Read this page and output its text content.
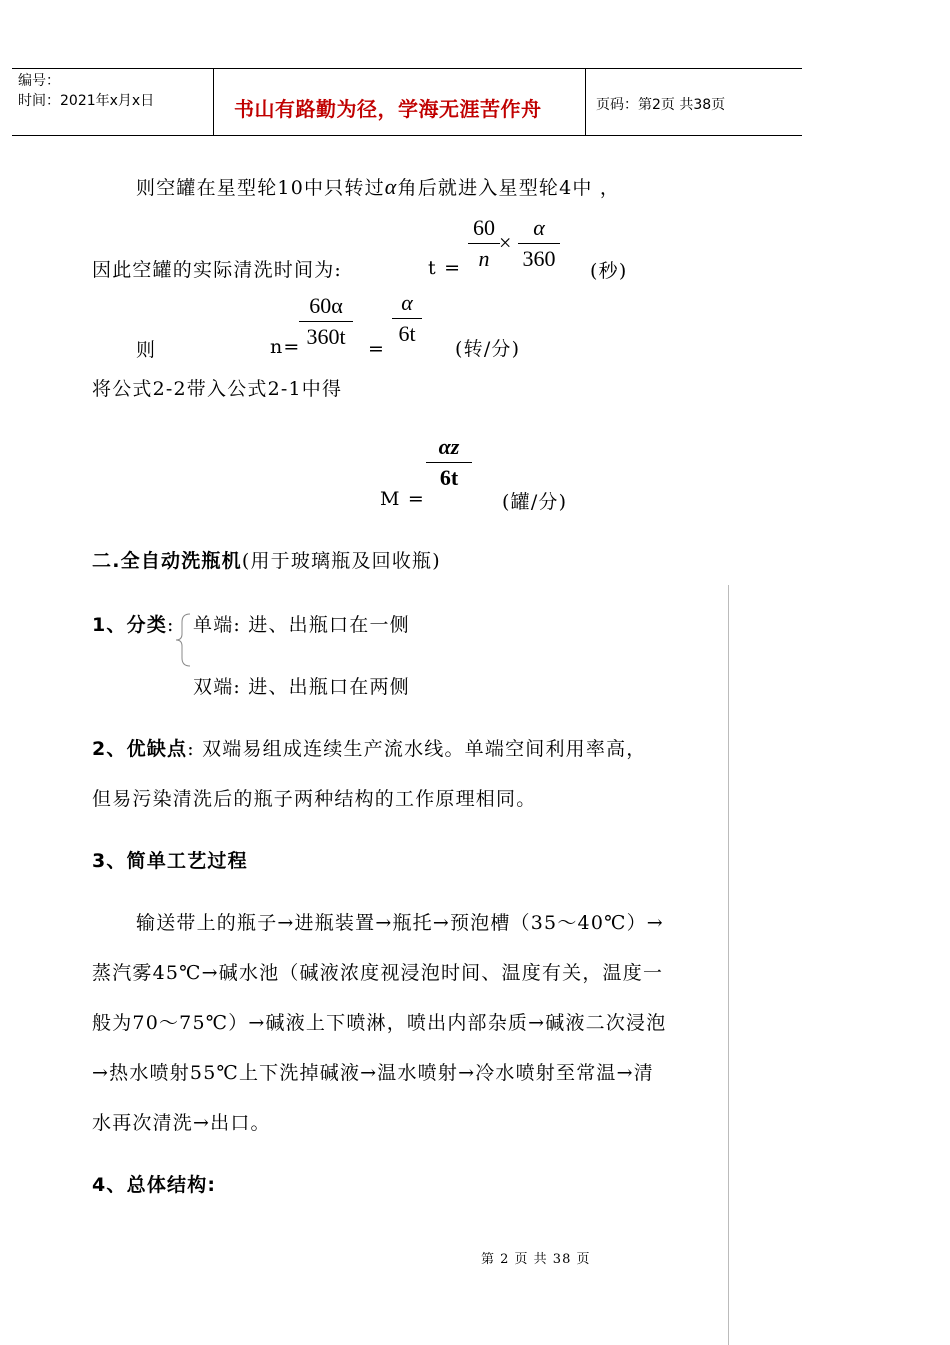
编号：
时间：2021年x月x日	书山有路勤为径，学海无涯苦作舟	页码：第2页 共38页
则空罐在星型轮10中只转过α角后就进入星型轮4中 ，
因此空罐的实际清洗时间为:	t =
60
n
×
α
360 (秒)
则	n=
60α
360t	=
α
6t
(转/分)
将公式2-2带入公式2-1中得
M =
αz
6t
(罐/分)
二.全自动洗瓶机(用于玻璃瓶及回收瓶)
1、分类: 单端: 进、出瓶口在一侧
双端: 进、出瓶口在两侧
2、优缺点: 双端易组成连续生产流水线。单端空间利用率高，
但易污染清洗后的瓶子两种结构的工作原理相同。
3、简单工艺过程
输送带上的瓶子→进瓶装置→瓶托→预泡槽（35～40℃）→
蒸汽雾45℃→碱水池（碱液浓度视浸泡时间、温度有关，温度一
般为70～75℃）→碱液上下喷淋，喷出内部杂质→碱液二次浸泡
→热水喷射55℃上下洗掉碱液→温水喷射→冷水喷射至常温→清
水再次清洗→出口。
4、总体结构:
第 2 页 共 38 页
